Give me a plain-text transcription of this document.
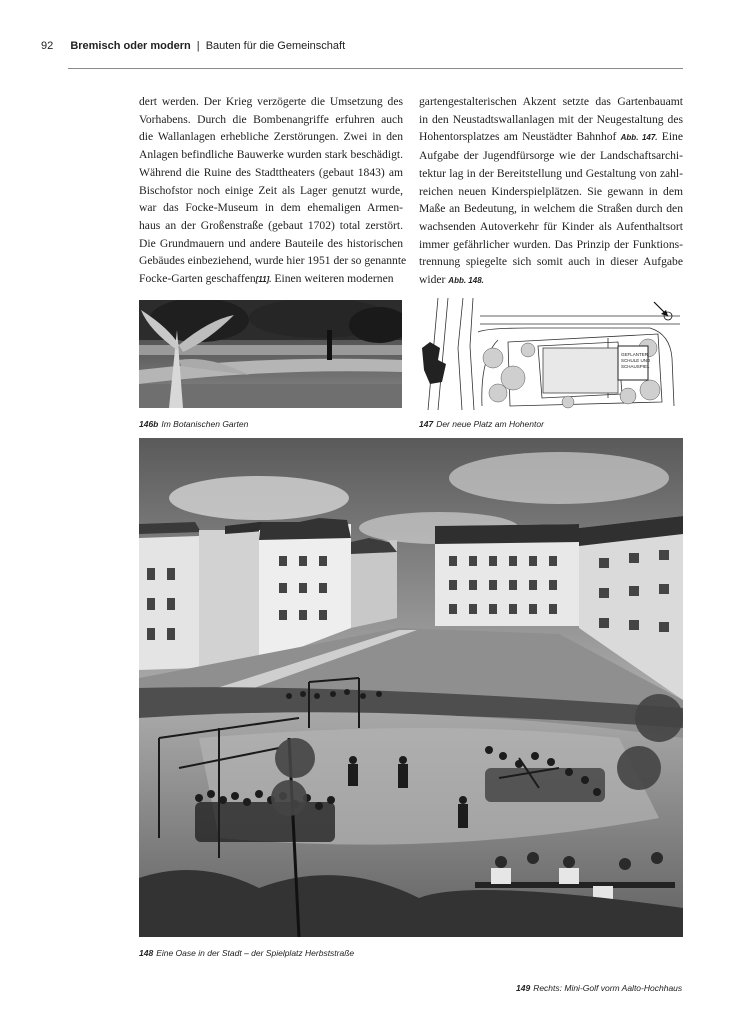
92 Bremisch oder modern | Bauten für die Gemeinschaft
dert werden. Der Krieg verzögerte die Umsetzung des
Vorhabens. Durch die Bombenangriffe erfuhren auch
die Wallanlagen erhebliche Zerstörungen. Zwei in den
Anlagen befindliche Bauwerke wurden stark beschädigt.
Während die Ruine des Stadttheaters (gebaut 1843) am
Bischofstor noch einige Zeit als Lager genutzt wurde,
war das Focke-Museum in dem ehemaligen Armen-
haus an der Großenstraße (gebaut 1702) total zerstört.
Die Grundmauern und andere Bauteile des historischen
Gebäudes einbeziehend, wurde hier 1951 der so genannte
Focke-Garten geschaffen[11]. Einen weiteren modernen
gartengestalterischen Akzent setzte das Gartenbauamt
in den Neustadtswallanlagen mit der Neugestaltung des
Hohentorsplatzes am Neustädter Bahnhof Abb. 147. Eine
Aufgabe der Jugendfürsorge wie der Landschaftsarchi-
tektur lag in der Bereitstellung und Gestaltung von zahl-
reichen neuen Kinderspielplätzen. Sie gewann in dem
Maße an Bedeutung, in welchem die Straßen durch den
wachsenden Autoverkehr für Kinder als Aufenthaltsort
immer gefährlicher wurden. Das Prinzip der Funktions-
trennung spiegelte sich somit auch in dieser Aufgabe
wider Abb. 148.
146b Im Botanischen Garten
GEFLANTER
SCHULE UND
SCHAUSPIEL
147 Der neue Platz am Hohentor
148 Eine Oase in der Stadt – der Spielplatz Herbststraße
149 Rechts: Mini-Golf vorm Aalto-Hochhaus
